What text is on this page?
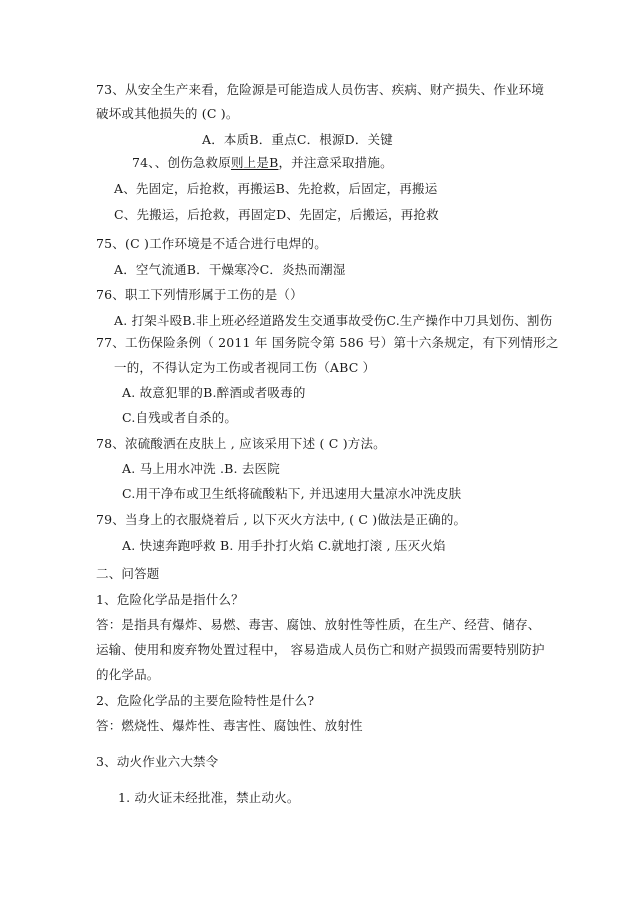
73、从安全生产来看，危险源是可能造成人员伤害、疾病、财产损失、作业环境
破坏或其他损失的 (C )。
A．本质B．重点C．根源D．关键
74、、创伤急救原则上是B，并注意采取措施。
A、先固定，后抢救，再搬运B、先抢救，后固定，再搬运
C、先搬运，后抢救，再固定D、先固定，后搬运，再抢救
75、(C )工作环境是不适合进行电焊的。
A．空气流通B．干燥寒冷C．炎热而潮湿
76、职工下列情形属于工伤的是（）
A. 打架斗殴B.非上班必经道路发生交通事故受伤C.生产操作中刀具划伤、割伤
77、工伤保险条例（ 2011 年 国务院令第 586 号）第十六条规定，有下列情形之
一的，不得认定为工伤或者视同工伤（ABC ）
A. 故意犯罪的B.醉酒或者吸毒的
C.自残或者自杀的。
78、浓硫酸洒在皮肤上 , 应该采用下述 ( C )方法。
A. 马上用水冲洗 .B. 去医院
C.用干净布或卫生纸将硫酸粘下, 并迅速用大量凉水冲洗皮肤
79、当身上的衣服烧着后 , 以下灭火方法中, ( C )做法是正确的。
A. 快速奔跑呼救 B. 用手扑打火焰 C.就地打滚 , 压灭火焰
二、问答题
1、危险化学品是指什么？
答：是指具有爆炸、易燃、毒害、腐蚀、放射性等性质，在生产、经营、储存、
运输、使用和废弃物处置过程中， 容易造成人员伤亡和财产损毁而需要特别防护
的化学品。
2、危险化学品的主要危险特性是什么?
答：燃烧性、爆炸性、毒害性、腐蚀性、放射性
3、动火作业六大禁令
1. 动火证未经批准，禁止动火。
